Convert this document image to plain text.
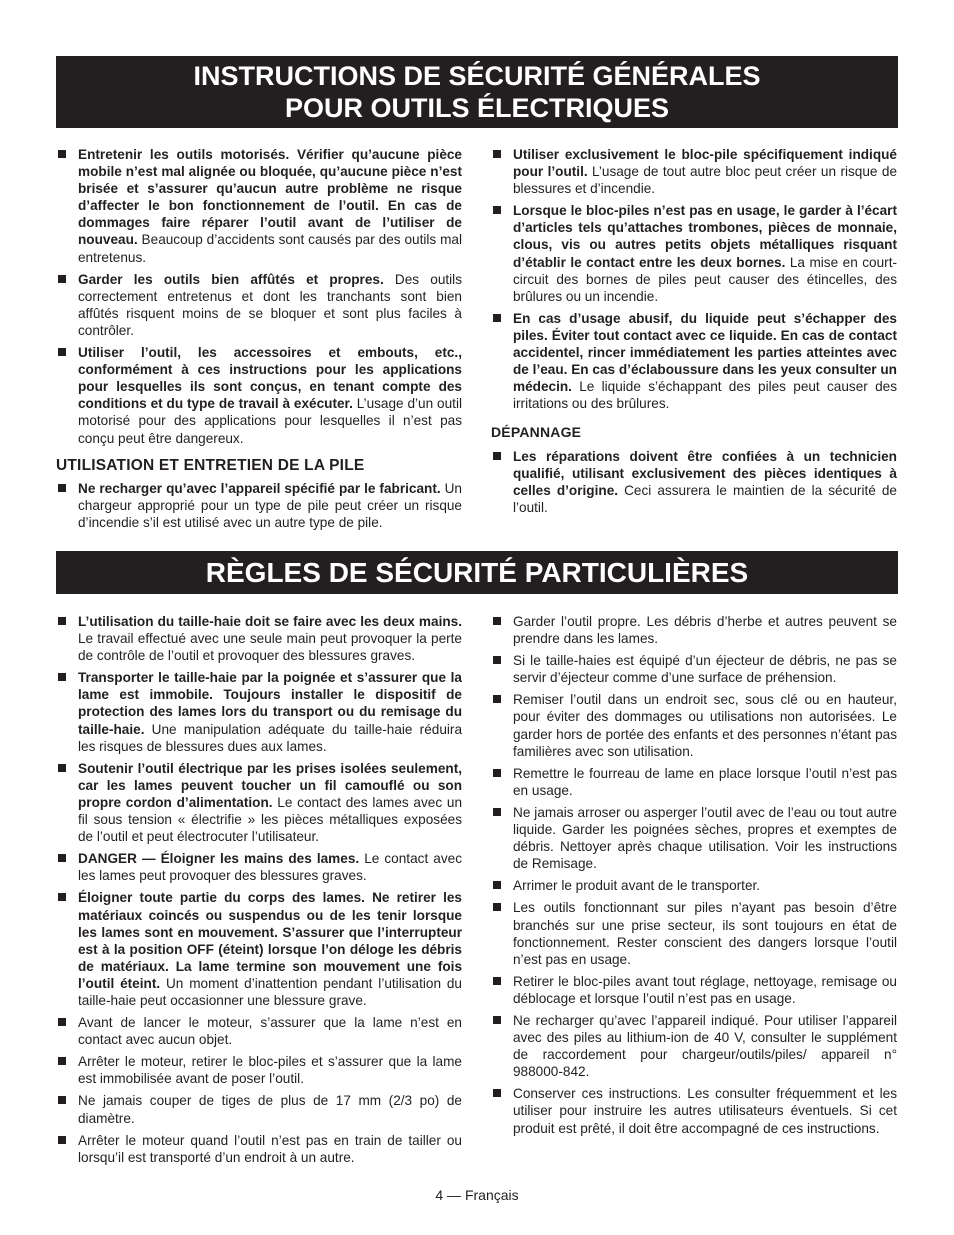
INSTRUCTIONS DE SÉCURITÉ GÉNÉRALES
POUR OUTILS ÉLECTRIQUES
Entretenir les outils motorisés. Vérifier qu’aucune pièce mobile n’est mal alignée ou bloquée, qu’aucune pièce n’est brisée et s’assurer qu’aucun autre problème ne risque d’affecter le bon fonctionnement de l’outil. En cas de dommages faire réparer l’outil avant de l’utiliser de nouveau. Beaucoup d’accidents sont causés par des outils mal entretenus.
Garder les outils bien affûtés et propres. Des outils correctement entretenus et dont les tranchants sont bien affûtés risquent moins de se bloquer et sont plus faciles à contrôler.
Utiliser l’outil, les accessoires et embouts, etc., conformément à ces instructions pour les applications pour lesquelles ils sont conçus, en tenant compte des conditions et du type de travail à exécuter. L’usage d’un outil motorisé pour des applications pour lesquelles il n’est pas conçu peut être dangereux.
UTILISATION ET ENTRETIEN DE LA PILE
Ne recharger qu’avec l’appareil spécifié par le fabricant. Un chargeur approprié pour un type de pile peut créer un risque d’incendie s’il est utilisé avec un autre type de pile.
Utiliser exclusivement le bloc-pile spécifiquement indiqué pour l’outil. L’usage de tout autre bloc peut créer un risque de blessures et d’incendie.
Lorsque le bloc-piles n’est pas en usage, le garder à l’écart d’articles tels qu’attaches trombones, pièces de monnaie, clous, vis ou autres petits objets métalliques risquant d’établir le contact entre les deux bornes. La mise en court-circuit des bornes de piles peut causer des étincelles, des brûlures ou un incendie.
En cas d’usage abusif, du liquide peut s’échapper des piles. Éviter tout contact avec ce liquide. En cas de contact accidentel, rincer immédiatement les parties atteintes avec de l’eau. En cas d’éclaboussure dans les yeux consulter un médecin. Le liquide s’échappant des piles peut causer des irritations ou des brûlures.
DÉPANNAGE
Les réparations doivent être confiées à un technicien qualifié, utilisant exclusivement des pièces identiques à celles d’origine. Ceci assurera le maintien de la sécurité de l’outil.
RÈGLES DE SÉCURITÉ PARTICULIÈRES
L’utilisation du taille-haie doit se faire avec les deux mains. Le travail effectué avec une seule main peut provoquer la perte de contrôle de l’outil et provoquer des blessures graves.
Transporter le taille-haie par la poignée et s’assurer que la lame est immobile. Toujours installer le dispositif de protection des lames lors du transport ou du remisage du taille-haie. Une manipulation adéquate du taille-haie réduira les risques de blessures dues aux lames.
Soutenir l’outil électrique par les prises isolées seulement, car les lames peuvent toucher un fil camouflé ou son propre cordon d’alimentation. Le contact des lames avec un fil sous tension « électrifie » les pièces métalliques exposées de l’outil et peut électrocuter l’utilisateur.
DANGER — Éloigner les mains des lames. Le contact avec les lames peut provoquer des blessures graves.
Éloigner toute partie du corps des lames. Ne retirer les matériaux coincés ou suspendus ou de les tenir lorsque les lames sont en mouvement. S’assurer que l’interrupteur est à la position OFF (éteint) lorsque l’on déloge les débris de matériaux. La lame termine son mouvement une fois l’outil éteint. Un moment d’inattention pendant l’utilisation du taille-haie peut occasionner une blessure grave.
Avant de lancer le moteur, s’assurer que la lame n’est en contact avec aucun objet.
Arrêter le moteur, retirer le bloc-piles et s’assurer que la lame est immobilisée avant de poser l’outil.
Ne jamais couper de tiges de plus de 17 mm (2/3 po) de diamètre.
Arrêter le moteur quand l’outil n’est pas en train de tailler ou lorsqu’il est transporté d’un endroit à un autre.
Garder l’outil propre. Les débris d’herbe et autres peuvent se prendre dans les lames.
Si le taille-haies est équipé d’un éjecteur de débris, ne pas se servir d’éjecteur comme d’une surface de préhension.
Remiser l’outil dans un endroit sec, sous clé ou en hauteur, pour éviter des dommages ou utilisations non autorisées. Le garder hors de portée des enfants et des personnes n’étant pas familières avec son utilisation.
Remettre le fourreau de lame en place lorsque l’outil n’est pas en usage.
Ne jamais arroser ou asperger l’outil avec de l’eau ou tout autre liquide. Garder les poignées sèches, propres et exemptes de débris. Nettoyer après chaque utilisation. Voir les instructions de Remisage.
Arrimer le produit avant de le transporter.
Les outils fonctionnant sur piles n’ayant pas besoin d’être branchés sur une prise secteur, ils sont toujours en état de fonctionnement. Rester conscient des dangers lorsque l’outil n’est pas en usage.
Retirer le bloc-piles avant tout réglage, nettoyage, remisage ou déblocage et lorsque l’outil n’est pas en usage.
Ne recharger qu’avec l’appareil indiqué. Pour utiliser l’appareil avec des piles au lithium-ion de 40 V, consulter le supplément de raccordement pour chargeur/outils/piles/ appareil n° 988000-842.
Conserver ces instructions. Les consulter fréquemment et les utiliser pour instruire les autres utilisateurs éventuels. Si cet produit est prêté, il doit être accompagné de ces instructions.
4 — Français
